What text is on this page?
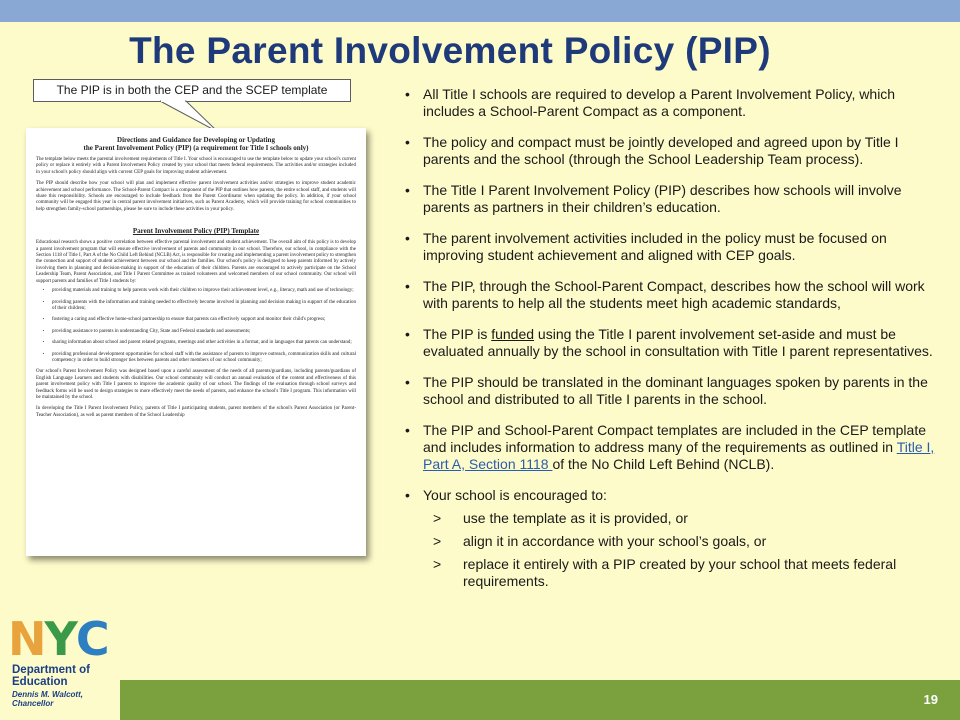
The Parent Involvement Policy (PIP)
The PIP is in both the CEP and the SCEP template
Directions and Guidance for Developing or Updating
the Parent Involvement Policy (PIP) (a requirement for Title I schools only)

The template below meets the parental involvement requirements of Title I. Your school is encouraged to use the template below to update your school's current policy or replace it entirely with a Parent Involvement Policy created by your school that meets federal requirements. The activities and/or strategies included in your school's policy should align with current CEP goals for improving student achievement.

The PIP should describe how your school will plan and implement effective parent involvement activities and/or strategies to improve student academic achievement and school performance. The School-Parent Compact is a component of the PIP that outlines how parents, the entire school staff, and students will share this responsibility. Schools are encouraged to include feedback from the Parent Coordinator when updating the policy. In addition, if your school community will be engaged this year in central parent involvement initiatives, such as Parent Academy, which will provide training for school communities to help strengthen family-school partnerships, please be sure to include these activities in your policy.

Parent Involvement Policy (PIP) Template

Educational research shows a positive correlation between effective parental involvement and student achievement. The overall aim of this policy is to develop a parent involvement program that will ensure effective involvement of parents and community in our school. Therefore, our school, in compliance with the Section 1118 of Title I, Part A of the No Child Left Behind (NCLB) Act, is responsible for creating and implementing a parent involvement policy to strengthen the connection and support of student achievement between our school and the families. Our school's policy is designed to keep parents informed by actively involving them in planning and decision-making in support of the education of their children. Parents are encouraged to actively participate on the School Leadership Team, Parent Association, and Title I Parent Committee as trained volunteers and welcomed members of our school community. Our school will support parents and families of Title I students by:

• providing materials and training to help parents work with their children to improve their achievement level, e.g., literacy, math and use of technology;
• providing parents with the information and training needed to effectively become involved in planning and decision making in support of the education of their children;
• fostering a caring and effective home-school partnership to ensure that parents can effectively support and monitor their child's progress;
• providing assistance to parents in understanding City, State and Federal standards and assessments;
• sharing information about school and parent related programs, meetings and other activities in a format, and in languages that parents can understand;
• providing professional development opportunities for school staff with the assistance of parents to improve outreach, communication skills and cultural competency in order to build stronger ties between parents and other members of our school community;

Our school's Parent Involvement Policy was designed based upon a careful assessment of the needs of all parents/guardians, including parents/guardians of English Language Learners and students with disabilities. Our school community will conduct an annual evaluation of the content and effectiveness of this parent involvement policy with Title I parents to improve the academic quality of our school. The findings of the evaluation through school surveys and feedback forms will be used to design strategies to more effectively meet the needs of parents, and enhance the school's Title I program. This information will be maintained by the school.

In developing the Title I Parent Involvement Policy, parents of Title I participating students, parent members of the school's Parent Association (or Parent-Teacher Association), as well as parent members of the School Leadership

• All Title I schools are required to develop a Parent Involvement Policy, which includes a School-Parent Compact as a component.
• The policy and compact must be jointly developed and agreed upon by Title I parents and the school (through the School Leadership Team process).
• The Title I Parent Involvement Policy (PIP) describes how schools will involve parents as partners in their children’s education.
• The parent involvement activities included in the policy must be focused on improving student achievement and aligned with CEP goals.
• The PIP, through the School-Parent Compact, describes how the school will work with parents to help all the students meet high academic standards,
• The PIP is funded using the Title I parent involvement set-aside and must be evaluated annually by the school in consultation with Title I parent representatives.
• The PIP should be translated in the dominant languages spoken by parents in the school and distributed to all Title I parents in the school.
• The PIP and School-Parent Compact templates are included in the CEP template and includes information to address many of the requirements as outlined in Title I, Part A, Section 1118 of the No Child Left Behind (NCLB).
• Your school is encouraged to:
> use the template as it is provided, or
> align it in accordance with your school’s goals, or
> replace it entirely with a PIP created by your school that meets federal requirements.
NYC
Department of
Education
Dennis M. Walcott, Chancellor	19
